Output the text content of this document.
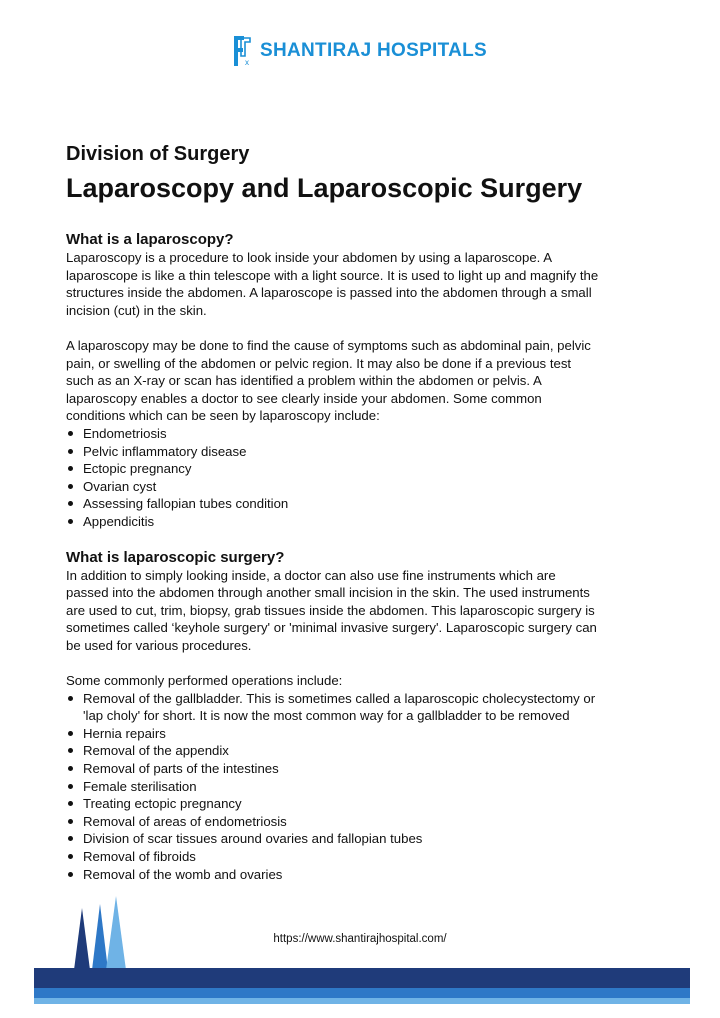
x
SHANTIRAJ HOSPITALS
Division of Surgery
Laparoscopy and Laparoscopic Surgery
What is a laparoscopy?

Laparoscopy is a procedure to look inside your abdomen by using a laparoscope. A
laparoscope is like a thin telescope with a light source. It is used to light up and magnify the
structures inside the abdomen. A laparoscope is passed into the abdomen through a small
incision (cut) in the skin.

A laparoscopy may be done to find the cause of symptoms such as abdominal pain, pelvic
pain, or swelling of the abdomen or pelvic region. It may also be done if a previous test
such as an X-ray or scan has identified a problem within the abdomen or pelvis. A
laparoscopy enables a doctor to see clearly inside your abdomen. Some common
conditions which can be seen by laparoscopy include:

Endometriosis
Pelvic inflammatory disease
Ectopic pregnancy
Ovarian cyst
Assessing fallopian tubes condition
Appendicitis
What is laparoscopic surgery?

In addition to simply looking inside, a doctor can also use fine instruments which are
passed into the abdomen through another small incision in the skin. The used instruments
are used to cut, trim, biopsy, grab tissues inside the abdomen. This laparoscopic surgery is
sometimes called ‘keyhole surgery' or 'minimal invasive surgery'. Laparoscopic surgery can
be used for various procedures.

Some commonly performed operations include:

Removal of the gallbladder. This is sometimes called a laparoscopic cholecystectomy or
'lap choly' for short. It is now the most common way for a gallbladder to be removed
Hernia repairs
Removal of the appendix
Removal of parts of the intestines
Female sterilisation
Treating ectopic pregnancy
Removal of areas of endometriosis
Division of scar tissues around ovaries and fallopian tubes
Removal of fibroids
Removal of the womb and ovaries
https://www.shantirajhospital.com/
